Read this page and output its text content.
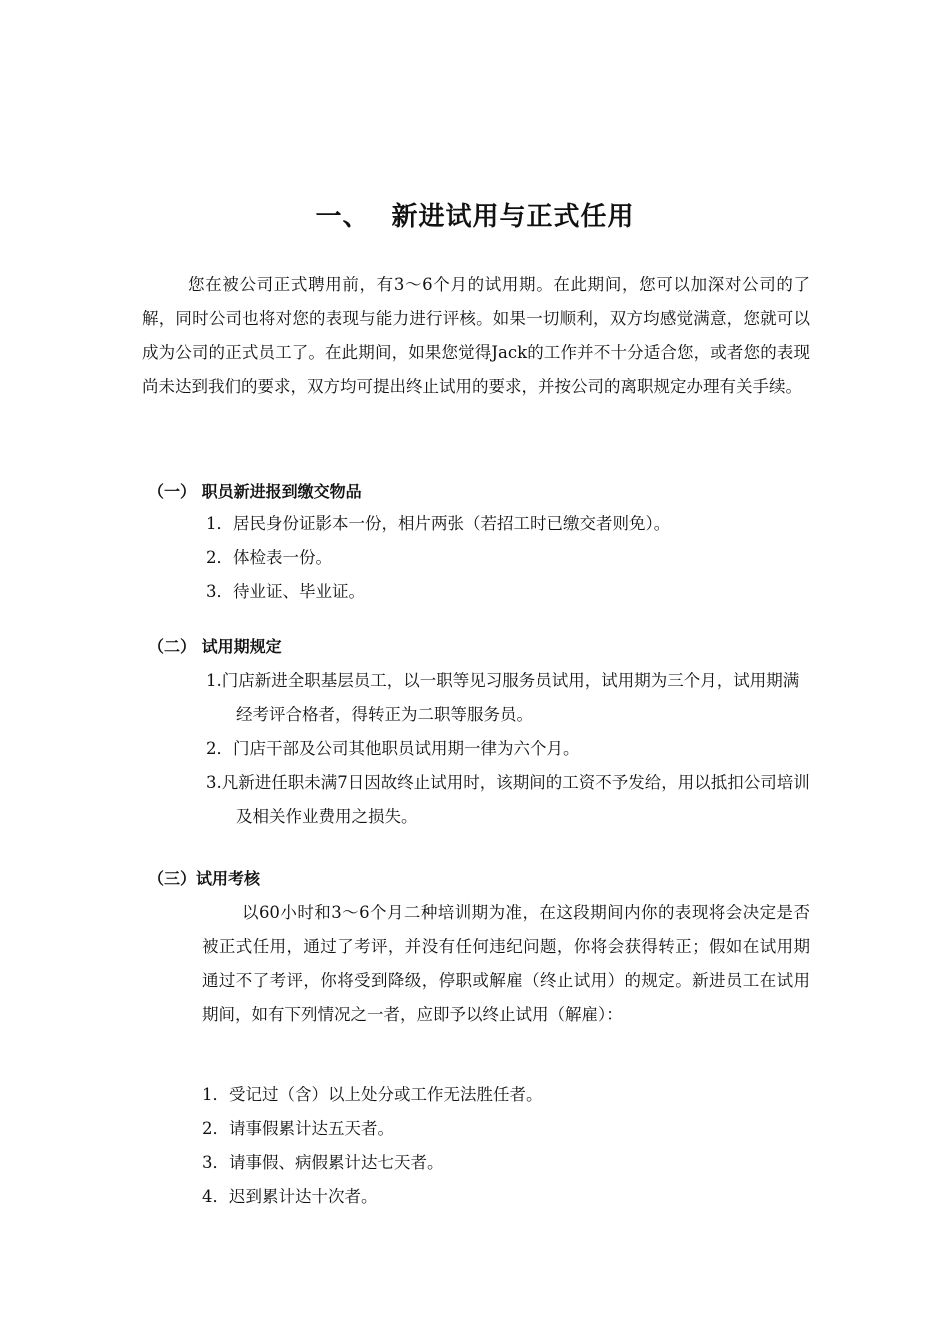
一、 新进试用与正式任用

您在被公司正式聘用前，有3～6个月的试用期。在此期间，您可以加深对公司的了解，同时公司也将对您的表现与能力进行评核。如果一切顺利，双方均感觉满意，您就可以成为公司的正式员工了。在此期间，如果您觉得Jack的工作并不十分适合您，或者您的表现尚未达到我们的要求，双方均可提出终止试用的要求，并按公司的离职规定办理有关手续。

（一） 职员新进报到缴交物品
1．居民身份证影本一份，相片两张（若招工时已缴交者则免）。
2．体检表一份。
3．待业证、毕业证。
（二） 试用期规定
1.门店新进全职基层员工，以一职等见习服务员试用，试用期为三个月，试用期满经考评合格者，得转正为二职等服务员。
2．门店干部及公司其他职员试用期一律为六个月。
3.凡新进任职未满7日因故终止试用时，该期间的工资不予发给，用以抵扣公司培训及相关作业费用之损失。
（三）试用考核

以60小时和3～6个月二种培训期为准，在这段期间内你的表现将会决定是否被正式任用，通过了考评，并没有任何违纪问题，你将会获得转正；假如在试用期通过不了考评，你将受到降级，停职或解雇（终止试用）的规定。新进员工在试用期间，如有下列情况之一者，应即予以终止试用（解雇）：

1．受记过（含）以上处分或工作无法胜任者。
2．请事假累计达五天者。
3．请事假、病假累计达七天者。
4．迟到累计达十次者。
